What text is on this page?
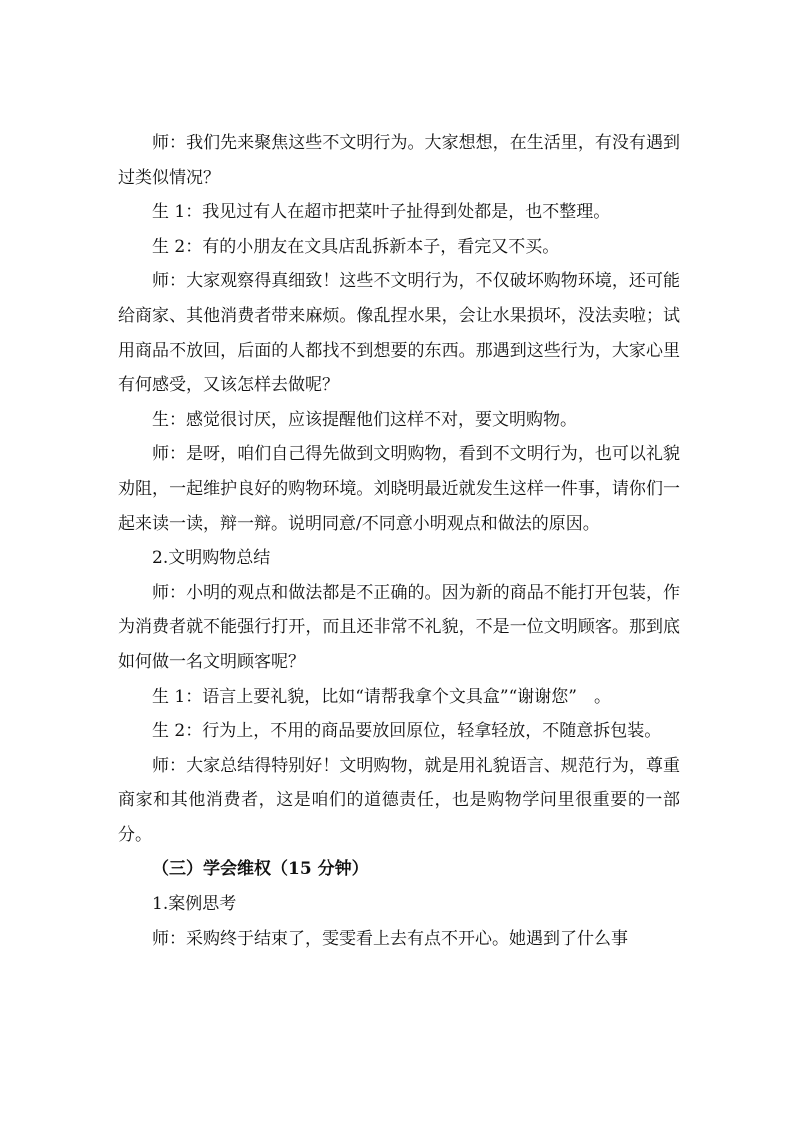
师：我们先来聚焦这些不文明行为。大家想想，在生活里，有没有遇到过类似情况？

生 1：我见过有人在超市把菜叶子扯得到处都是，也不整理。

生 2：有的小朋友在文具店乱拆新本子，看完又不买。

师：大家观察得真细致！这些不文明行为，不仅破坏购物环境，还可能给商家、其他消费者带来麻烦。像乱捏水果，会让水果损坏，没法卖啦；试用商品不放回，后面的人都找不到想要的东西。那遇到这些行为，大家心里有何感受，又该怎样去做呢？

生：感觉很讨厌，应该提醒他们这样不对，要文明购物。

师：是呀，咱们自己得先做到文明购物，看到不文明行为，也可以礼貌劝阻，一起维护良好的购物环境。刘晓明最近就发生这样一件事，请你们一起来读一读，辩一辩。说明同意/不同意小明观点和做法的原因。

2.文明购物总结

师：小明的观点和做法都是不正确的。因为新的商品不能打开包装，作为消费者就不能强行打开，而且还非常不礼貌，不是一位文明顾客。那到底如何做一名文明顾客呢？

生 1：语言上要礼貌，比如“请帮我拿个文具盒”“谢谢您”　。

生 2：行为上，不用的商品要放回原位，轻拿轻放，不随意拆包装。

师：大家总结得特别好！文明购物，就是用礼貌语言、规范行为，尊重商家和其他消费者，这是咱们的道德责任，也是购物学问里很重要的一部分。

（三）学会维权（15 分钟）

1.案例思考

师：采购终于结束了，雯雯看上去有点不开心。她遇到了什么事
